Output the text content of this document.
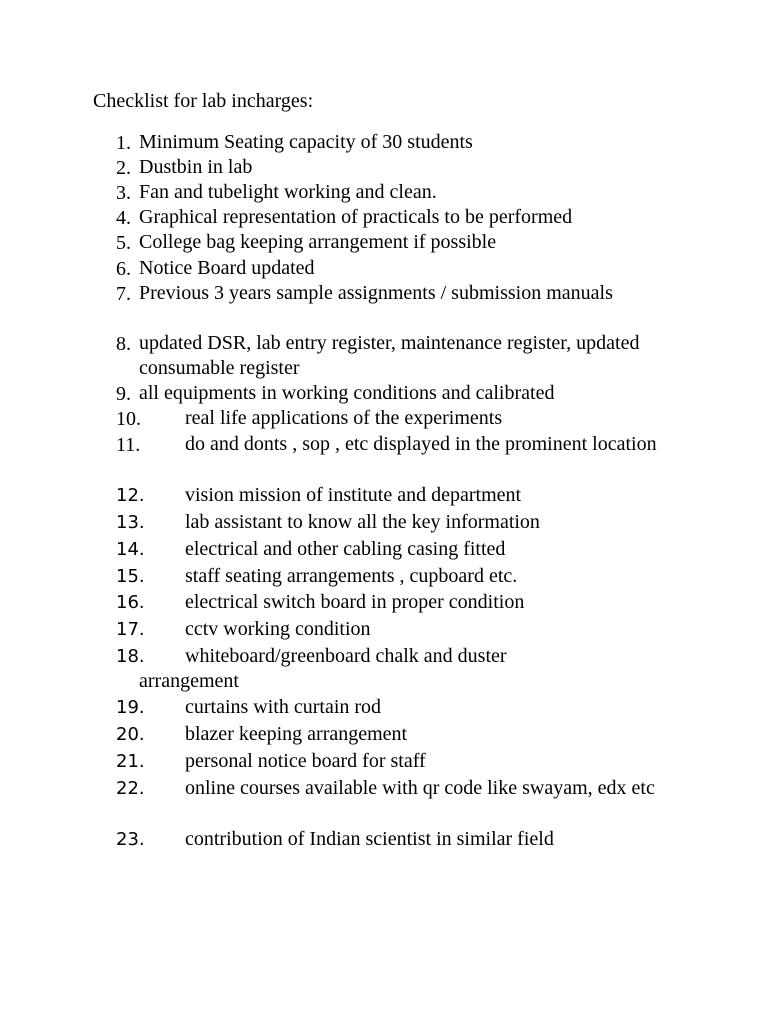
Checklist for lab incharges:
1. Minimum Seating capacity of 30 students
2. Dustbin in lab
3. Fan and tubelight working and clean.
4. Graphical representation of practicals to be performed
5. College bag keeping arrangement if possible
6. Notice Board updated
7. Previous 3 years sample assignments / submission manuals
8. updated DSR, lab entry register, maintenance register, updated consumable register
9. all equipments in working conditions and calibrated
10.	real life applications of the experiments
11.	do and donts , sop , etc displayed in the prominent location
12.	vision mission of institute and department
13.	lab assistant to know all the key information
14.	electrical and other cabling casing fitted
15.	staff seating arrangements , cupboard etc.
16.	electrical switch board in proper condition
17.	cctv working condition
18.	whiteboard/greenboard chalk and duster arrangement
19.	curtains with curtain rod
20.	blazer keeping arrangement
21.	personal notice board for staff
22.	online courses available with qr code like swayam, edx etc
23.	contribution of Indian scientist in similar field
